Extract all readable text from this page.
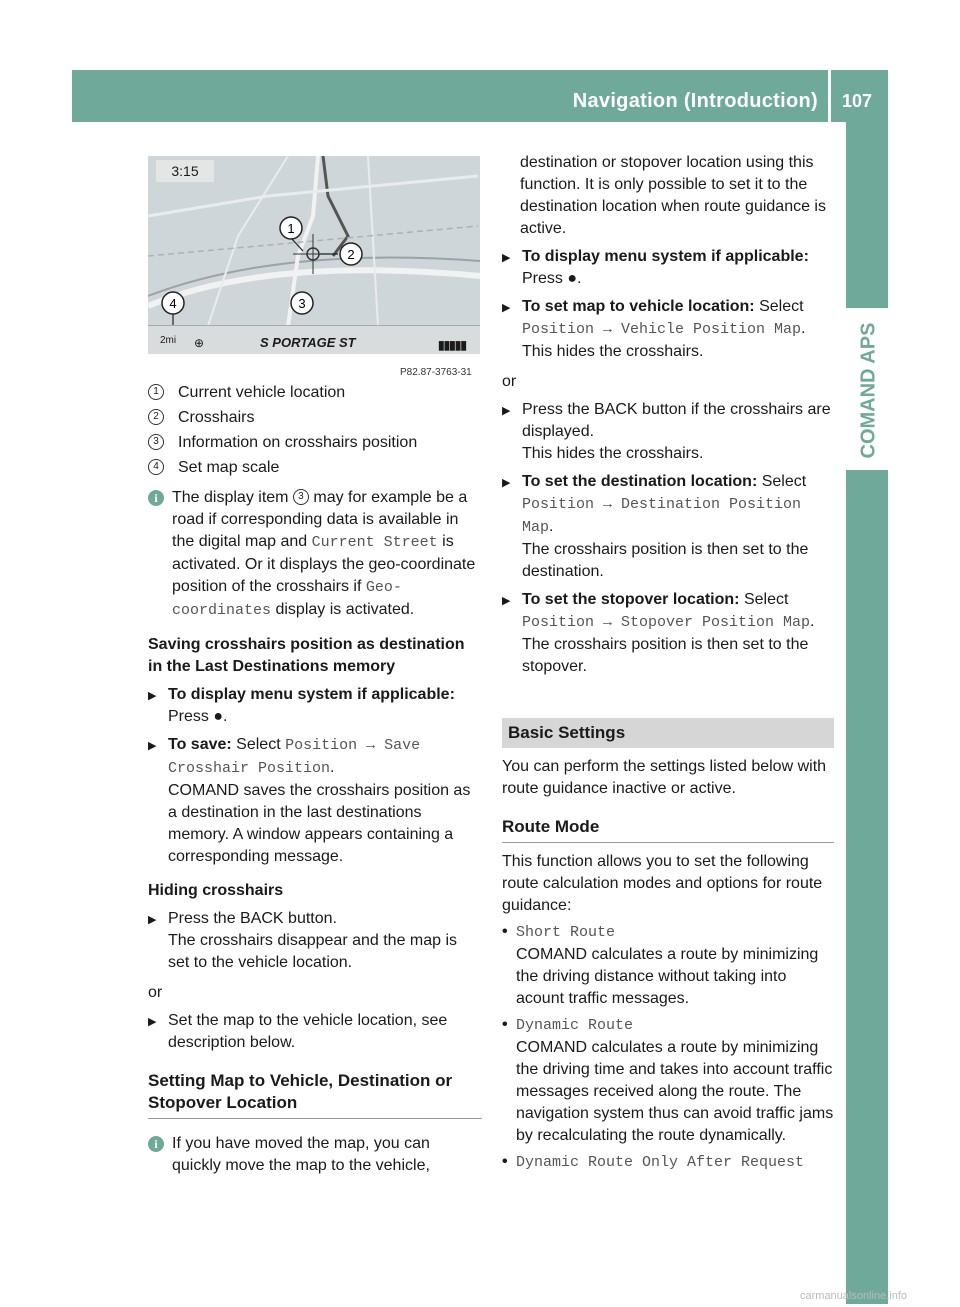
Navigation (Introduction) 107
COMAND APS
1
2
3
4
3:15
2mi ⊕	S PORTAGE ST	▮▮▮▮▮
P82.87-3763-31
1	Current vehicle location
2	Crosshairs
3	Information on crosshairs position
4	Set map scale
i The display item 3 may for example be a road if corresponding data is available in the digital map and Current Street is activated. Or it displays the geo-coordinate position of the crosshairs if Geo-coordinates display is activated.

Saving crosshairs position as destination in the Last Destinations memory

▶ To display menu system if applicable:
Press ●.

▶ To save: Select Position → Save Crosshair Position.
COMAND saves the crosshairs position as a destination in the last destinations memory. A window appears containing a corresponding message.

Hiding crosshairs

▶ Press the BACK button.
The crosshairs disappear and the map is set to the vehicle location.

or

▶ Set the map to the vehicle location, see description below.

Setting Map to Vehicle, Destination or Stopover Location
i If you have moved the map, you can quickly move the map to the vehicle,

destination or stopover location using this function. It is only possible to set it to the destination location when route guidance is active.

▶ To display menu system if applicable:
Press ●.

▶ To set map to vehicle location: Select
Position → Vehicle Position Map.
This hides the crosshairs.

or

▶ Press the BACK button if the crosshairs are displayed.
This hides the crosshairs.

▶ To set the destination location: Select
Position → Destination Position Map.
The crosshairs position is then set to the destination.

▶ To set the stopover location: Select
Position → Stopover Position Map.
The crosshairs position is then set to the stopover.

Basic Settings

You can perform the settings listed below with route guidance inactive or active.

Route Mode

This function allows you to set the following route calculation modes and options for route guidance:

• Short Route
COMAND calculates a route by minimizing the driving distance without taking into acount traffic messages.

• Dynamic Route
COMAND calculates a route by minimizing the driving time and takes into account traffic messages received along the route. The navigation system thus can avoid traffic jams by recalculating the route dynamically.

• Dynamic Route Only After Request

carmanualsonline.info
